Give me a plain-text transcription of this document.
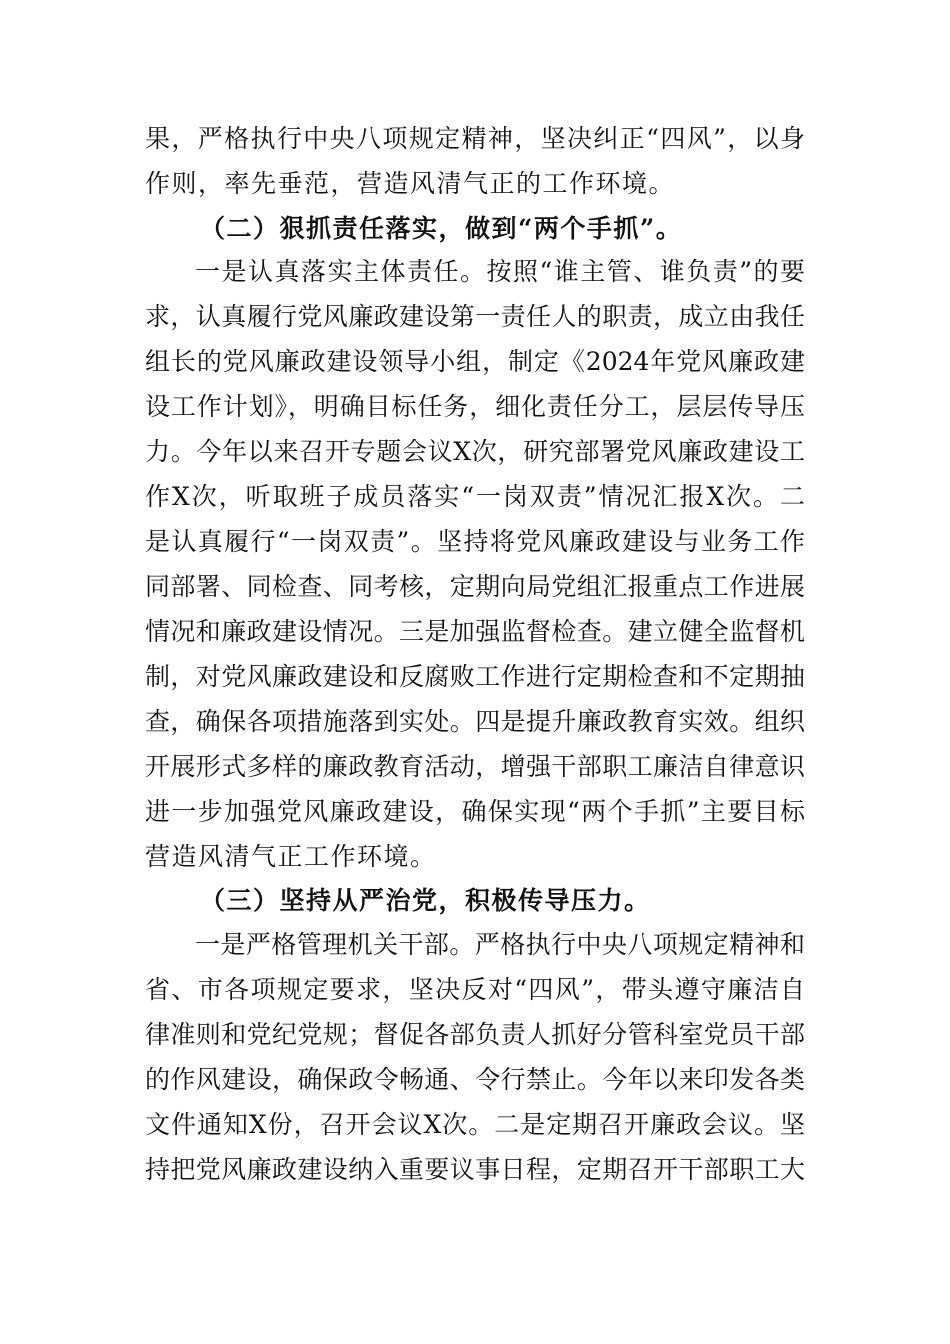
果，严格执行中央八项规定精神，坚决纠正“四风”，以身
作则，率先垂范，营造风清气正的工作环境。
（二）狠抓责任落实，做到“两个手抓”。
一是认真落实主体责任。按照“谁主管、谁负责”的要
求，认真履行党风廉政建设第一责任人的职责，成立由我任
组长的党风廉政建设领导小组，制定《2024年党风廉政建
设工作计划》，明确目标任务，细化责任分工，层层传导压
力。今年以来召开专题会议X次，研究部署党风廉政建设工
作X次，听取班子成员落实“一岗双责”情况汇报X次。二
是认真履行“一岗双责”。坚持将党风廉政建设与业务工作
同部署、同检查、同考核，定期向局党组汇报重点工作进展
情况和廉政建设情况。三是加强监督检查。建立健全监督机
制，对党风廉政建设和反腐败工作进行定期检查和不定期抽
查，确保各项措施落到实处。四是提升廉政教育实效。组织
开展形式多样的廉政教育活动，增强干部职工廉洁自律意识
进一步加强党风廉政建设，确保实现“两个手抓”主要目标
营造风清气正工作环境。
（三）坚持从严治党，积极传导压力。
一是严格管理机关干部。严格执行中央八项规定精神和
省、市各项规定要求，坚决反对“四风”，带头遵守廉洁自
律准则和党纪党规；督促各部负责人抓好分管科室党员干部
的作风建设，确保政令畅通、令行禁止。今年以来印发各类
文件通知X份，召开会议X次。二是定期召开廉政会议。坚
持把党风廉政建设纳入重要议事日程，定期召开干部职工大
